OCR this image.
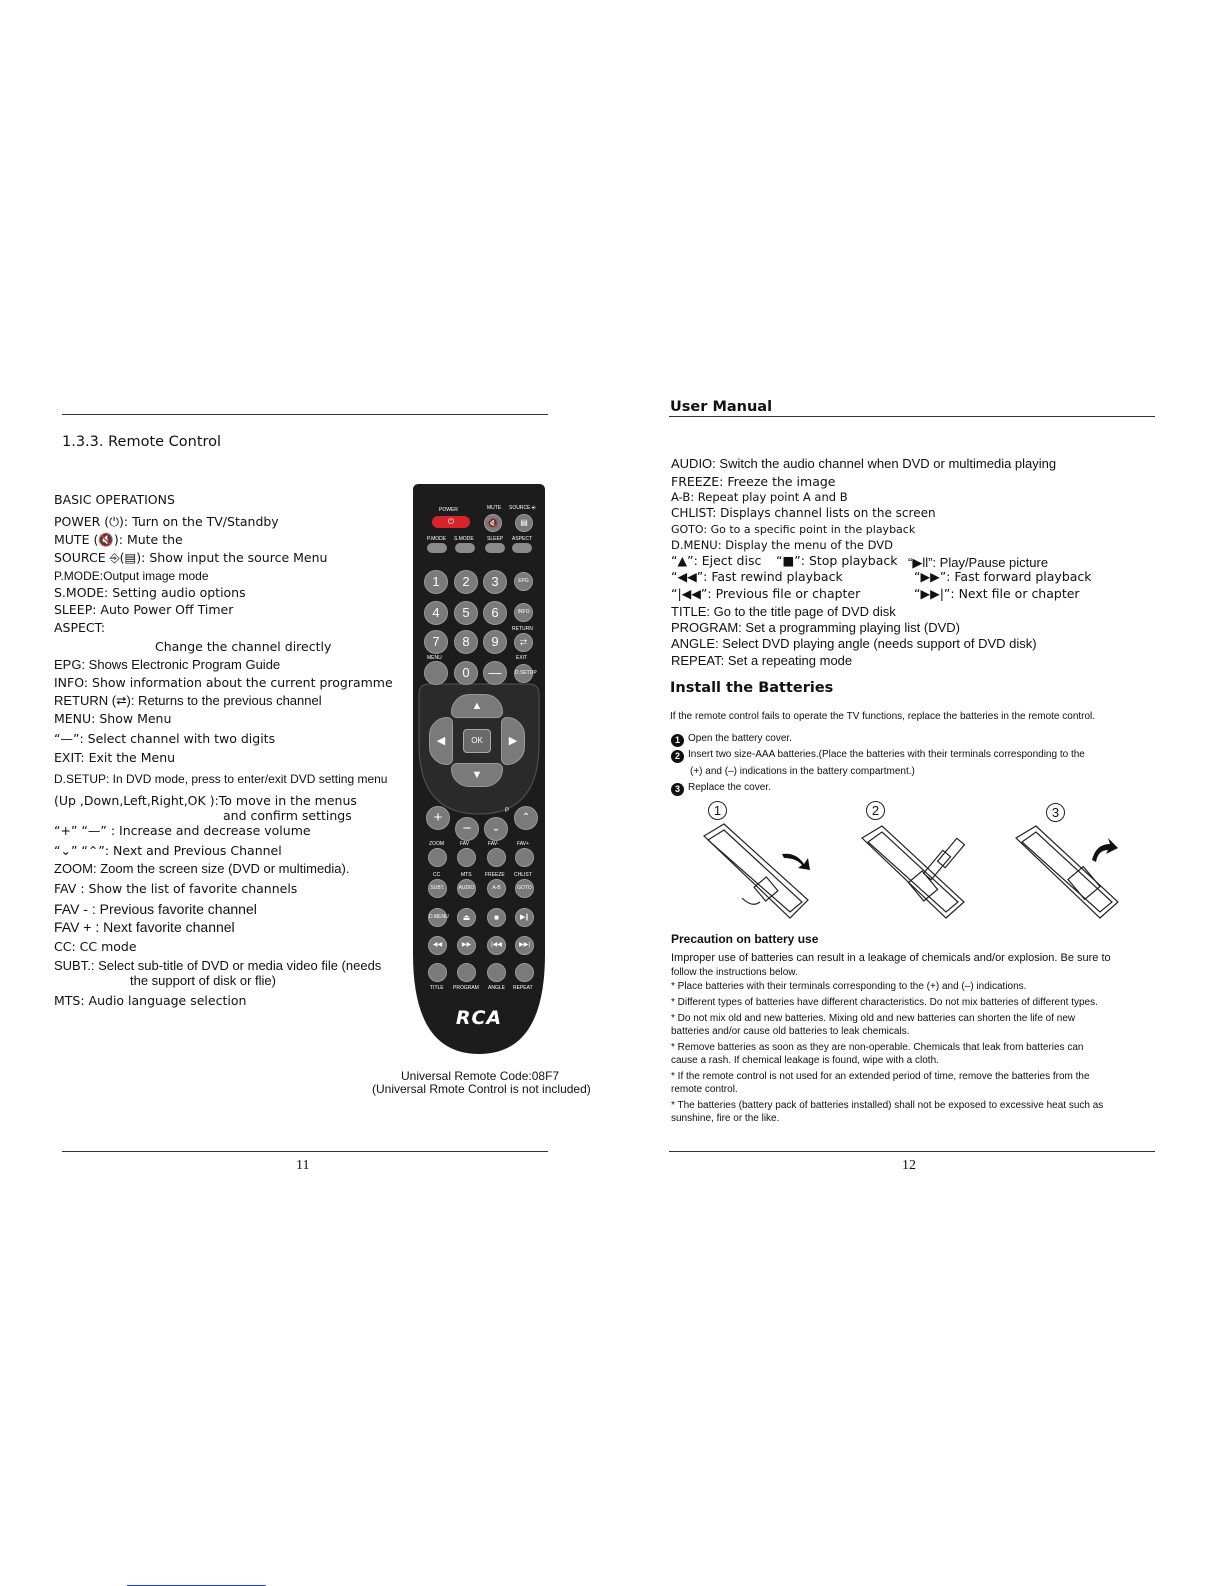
1.3.3. Remote Control
BASIC OPERATIONS
POWER (⏻): Turn on the TV/Standby
MUTE (🔇): Mute the
SOURCE ⎆(▤): Show input the source Menu
P.MODE:Output image mode
S.MODE: Setting audio options
SLEEP: Auto Power Off Timer
ASPECT:
Change the channel directly
EPG: Shows Electronic Program Guide
INFO: Show information about the current programme
RETURN (⮂): Returns to the previous channel
MENU: Show Menu
“—”: Select channel with two digits
EXIT: Exit the Menu
D.SETUP: In DVD mode, press to enter/exit DVD setting menu
(Up ,Down,Left,Right,OK ):To move in the menus
and confirm settings
“+” “—” : Increase and decrease volume
“⌄” “⌃”: Next and Previous Channel
ZOOM: Zoom the screen size (DVD or multimedia).
FAV : Show the list of favorite channels
FAV - : Previous favorite channel
FAV + : Next favorite channel
CC: CC mode
SUBT.: Select sub-title of DVD or media video file (needs
the support of disk or flie)
MTS: Audio language selection
POWER	MUTE SOURCE ⎆
⏻	🔇	▤
P.MODE S.MODE	SLEEP ASPECT
1	2	3	EPG
4	5	6	INFO
RETURN
7	8	9	⮂
MENU	EXIT
0	—	D.SETUP
▲
▼
◀	▶
OK
+
−	⌄
⌃
P
ZOOM	FAV	FAV-	FAV+
CC	MTS	FREEZE CHLIST
SUBT.	AUDIO	A-B	GOTO
D.MENU	⏏	■	▶∥
◀◀	▶▶	|◀◀	▶▶|
TITLE PROGRAM ANGLE REPEAT
RCA
Universal Remote Code:08F7
(Universal Rmote Control is not included)
11
User Manual
AUDIO: Switch the audio channel when DVD or multimedia playing
FREEZE: Freeze the image
A-B: Repeat play point A and B
CHLIST: Displays channel lists on the screen
GOTO: Go to a specific point in the playback
D.MENU: Display the menu of the DVD
“▲”: Eject disc “■”: Stop playback “▶ll”: Play/Pause picture
“◀◀”: Fast rewind playback	“▶▶”: Fast forward playback
“|◀◀”: Previous file or chapter	“▶▶|”: Next file or chapter
TITLE: Go to the title page of DVD disk
PROGRAM: Set a programming playing list (DVD)
ANGLE: Select DVD playing angle (needs support of DVD disk)
REPEAT: Set a repeating mode
Install the Batteries
If the remote control fails to operate the TV functions, replace the batteries in the remote control.
1 Open the battery cover.
2 Insert two size-AAA batteries.(Place the batteries with their terminals corresponding to the
(+) and (–) indications in the battery compartment.)
3 Replace the cover.
1	2	3
Precaution on battery use
Improper use of batteries can result in a leakage of chemicals and/or explosion. Be sure to
follow the instructions below.
* Place batteries with their terminals corresponding to the (+) and (–) indications.
* Different types of batteries have different characteristics. Do not mix batteries of different types.
* Do not mix old and new batteries. Mixing old and new batteries can shorten the life of new
batteries and/or cause old batteries to leak chemicals.
* Remove batteries as soon as they are non-operable. Chemicals that leak from batteries can
cause a rash. If chemical leakage is found, wipe with a cloth.
* If the remote control is not used for an extended period of time, remove the batteries from the
remote control.
* The batteries (battery pack of batteries installed) shall not be exposed to excessive heat such as
sunshine, fire or the like.
12
